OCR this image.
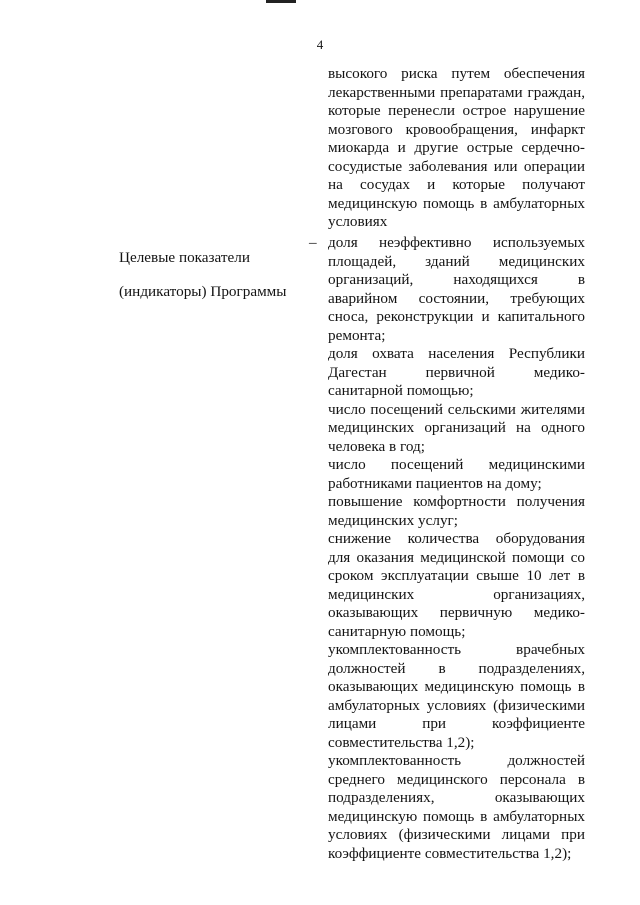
4

высокого риска путем обеспечения

лекарственными препаратами граждан,

которые перенесли острое нарушение

мозгового кровообращения, инфаркт

миокарда и другие острые сердечно-

сосудистые заболевания или операции

на сосудах и которые получают

медицинскую помощь в амбулаторных

условиях

Целевые показатели

(индикаторы) Программы

– доля неэффективно используемых

площадей, зданий медицинских

организаций, находящихся в

аварийном состоянии, требующих

сноса, реконструкции и капитального

ремонта;

доля охвата населения Республики

Дагестан первичной медико-

санитарной помощью;

число посещений сельскими жителями

медицинских организаций на одного

человека в год;

число посещений медицинскими

работниками пациентов на дому;

повышение комфортности получения

медицинских услуг;

снижение количества оборудования

для оказания медицинской помощи со

сроком эксплуатации свыше 10 лет в

медицинских организациях,

оказывающих первичную медико-

санитарную помощь;

укомплектованность врачебных

должностей в подразделениях,

оказывающих медицинскую помощь в

амбулаторных условиях (физическими

лицами при коэффициенте

совместительства 1,2);

укомплектованность должностей

среднего медицинского персонала в

подразделениях, оказывающих

медицинскую помощь в амбулаторных

условиях (физическими лицами при

коэффициенте совместительства 1,2);
